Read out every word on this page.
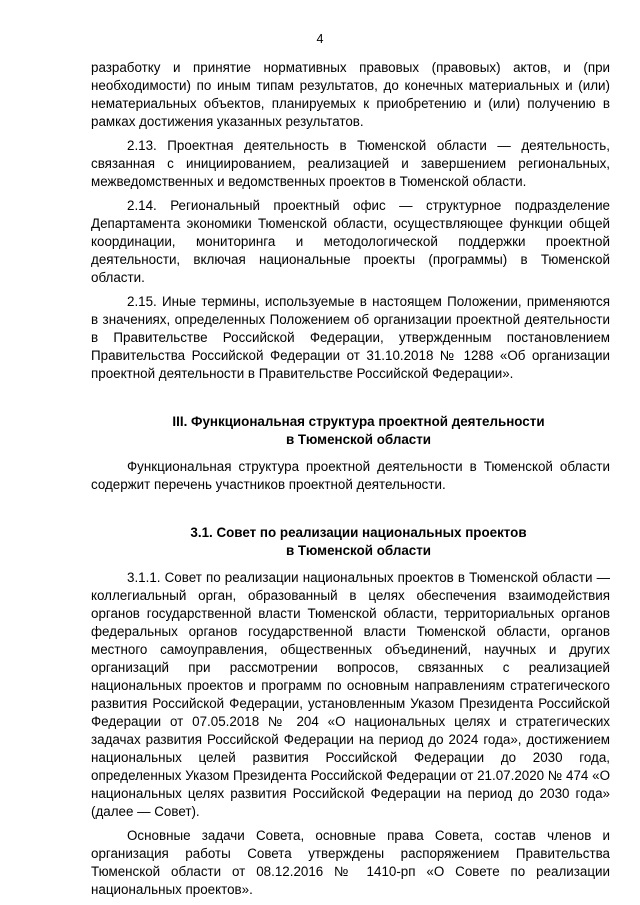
4

разработку и принятие нормативных правовых (правовых) актов, и (при необходимости) по иным типам результатов, до конечных материальных и (или) нематериальных объектов, планируемых к приобретению и (или) получению в рамках достижения указанных результатов.

2.13. Проектная деятельность в Тюменской области — деятельность, связанная с инициированием, реализацией и завершением региональных, межведомственных и ведомственных проектов в Тюменской области.

2.14. Региональный проектный офис — структурное подразделение Департамента экономики Тюменской области, осуществляющее функции общей координации, мониторинга и методологической поддержки проектной деятельности, включая национальные проекты (программы) в Тюменской области.

2.15. Иные термины, используемые в настоящем Положении, применяются в значениях, определенных Положением об организации проектной деятельности в Правительстве Российской Федерации, утвержденным постановлением Правительства Российской Федерации от 31.10.2018 № 1288 «Об организации проектной деятельности в Правительстве Российской Федерации».

III. Функциональная структура проектной деятельности
в Тюменской области

Функциональная структура проектной деятельности в Тюменской области содержит перечень участников проектной деятельности.

3.1. Совет по реализации национальных проектов
в Тюменской области

3.1.1. Совет по реализации национальных проектов в Тюменской области — коллегиальный орган, образованный в целях обеспечения взаимодействия органов государственной власти Тюменской области, территориальных органов федеральных органов государственной власти Тюменской области, органов местного самоуправления, общественных объединений, научных и других организаций при рассмотрении вопросов, связанных с реализацией национальных проектов и программ по основным направлениям стратегического развития Российской Федерации, установленным Указом Президента Российской Федерации от 07.05.2018 № 204 «О национальных целях и стратегических задачах развития Российской Федерации на период до 2024 года», достижением национальных целей развития Российской Федерации до 2030 года, определенных Указом Президента Российской Федерации от 21.07.2020 № 474 «О национальных целях развития Российской Федерации на период до 2030 года» (далее — Совет).

Основные задачи Совета, основные права Совета, состав членов и организация работы Совета утверждены распоряжением Правительства Тюменской области от 08.12.2016 № 1410-рп «О Совете по реализации национальных проектов».
